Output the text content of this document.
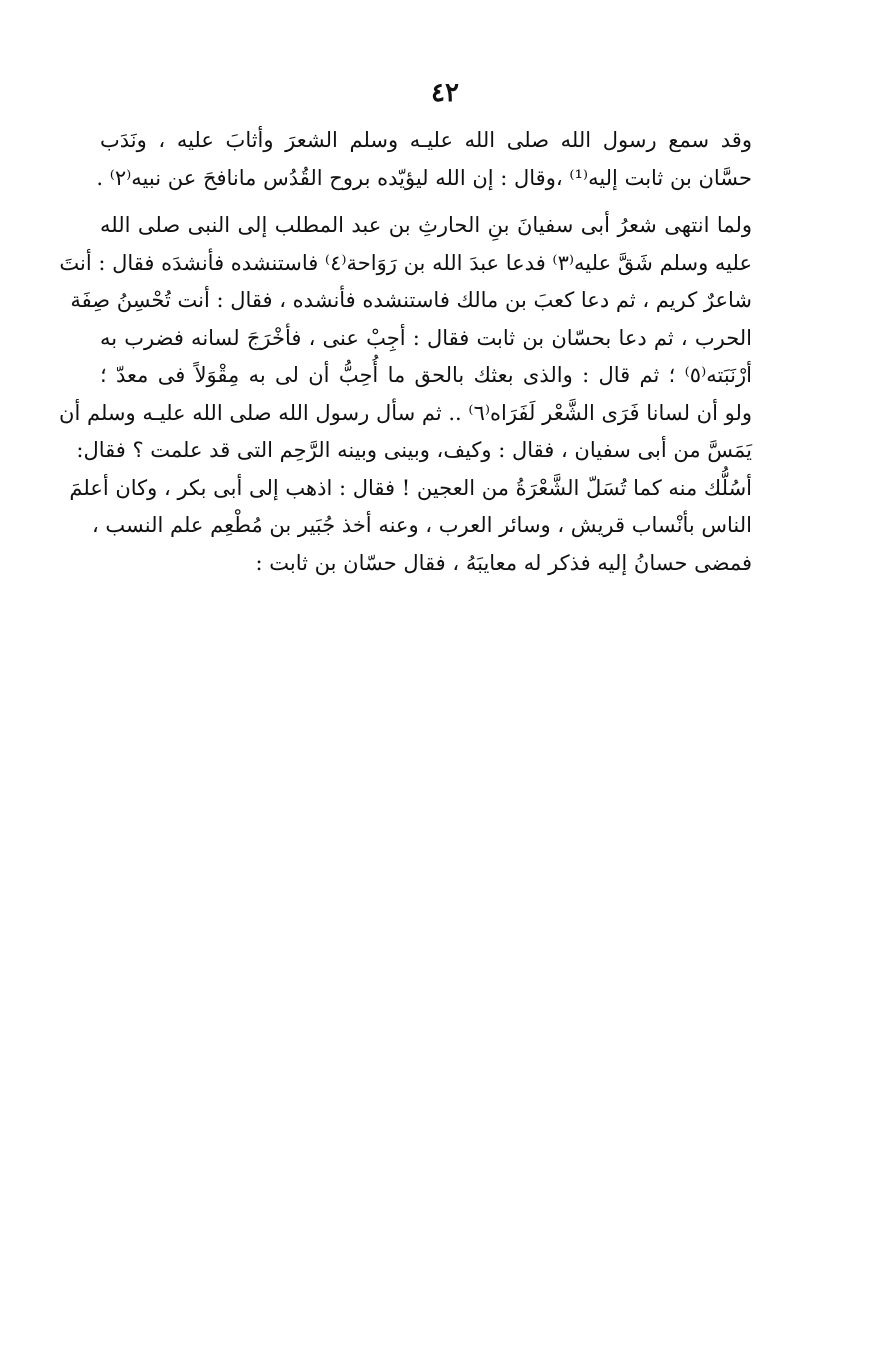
٤٢
وقد سمع رسول الله صلى الله عليـه وسلم الشعرَ وأثابَ عليه ، ونَدَب
حسَّان بن ثابت إليه⁽¹⁾ ،وقال : إن الله ليؤيّده بروح القُدُس مانافحَ عن نبيه⁽٢⁾ .
ولما انتهى شعرُ أبى سفيانَ بنِ الحارثِ بن عبد المطلب إلى النبى صلى الله
عليه وسلم شَقَّ عليه⁽٣⁾ فدعا عبدَ الله بن رَوَاحة⁽٤⁾ فاستنشده فأنشدَه فقال : أنتَ
شاعرٌ كريم ، ثم دعا كعبَ بن مالك فاستنشده فأنشده ، فقال : أنت تُحْسِنُ صِفَة
الحرب ، ثم دعا بحسّان بن ثابت فقال : أجِبْ عنى ، فأخْرَجَ لسانه فضرب به
أرْنَبَته⁽٥⁾ ؛ ثم قال : والذى بعثك بالحق ما أُحِبُّ أن لى به مِقْوَلاً فى معدّ ؛
ولو أن لسانا فَرَى الشَّعْر لَفَرَاه⁽٦⁾ .. ثم سأل رسول الله صلى الله عليـه وسلم أن
يَمَسَّ من أبى سفيان ، فقال : وكيف، وبينى وبينه الرَّحِم التى قد علمت ؟ فقال:
أسُلُّك منه كما تُسَلّ الشَّعْرَةُ من العجين ! فقال : اذهب إلى أبى بكر ، وكان أعلمَ
الناس بأنْساب قريش ، وسائر العرب ، وعنه أخذ جُبَير بن مُطْعِم علم النسب ،
فمضى حسانُ إليه فذكر له معايبَهُ ، فقال حسّان بن ثابت :
